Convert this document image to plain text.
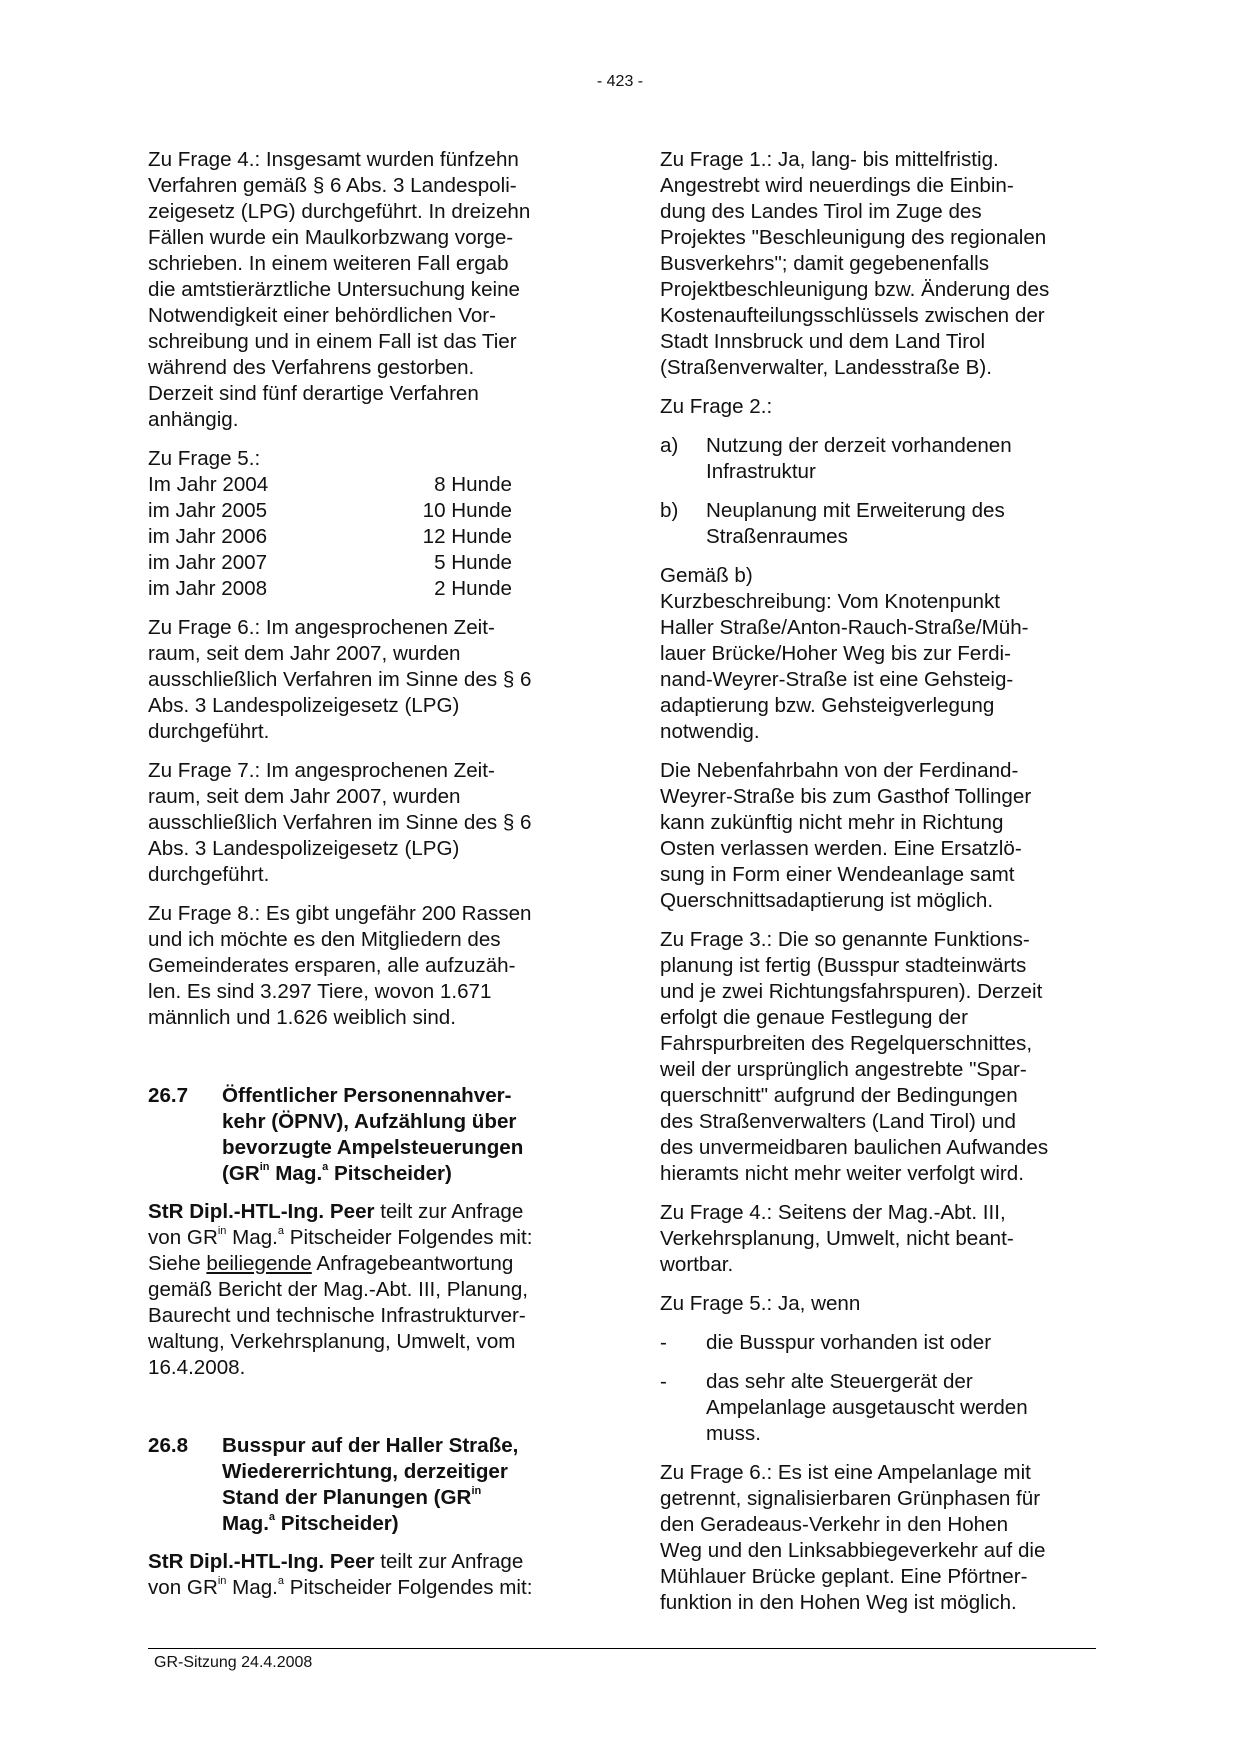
- 423 -

Zu Frage 4.: Insgesamt wurden fünfzehn
Verfahren gemäß § 6 Abs. 3 Landespoli-
zeigesetz (LPG) durchgeführt. In dreizehn
Fällen wurde ein Maulkorbzwang vorge-
schrieben. In einem weiteren Fall ergab
die amtstierärztliche Untersuchung keine
Notwendigkeit einer behördlichen Vor-
schreibung und in einem Fall ist das Tier
während des Verfahrens gestorben.
Derzeit sind fünf derartige Verfahren
anhängig.

Zu Frage 5.:
Im Jahr 2004	8 Hunde
im Jahr 2005	10 Hunde
im Jahr 2006	12 Hunde
im Jahr 2007	5 Hunde
im Jahr 2008	2 Hunde

Zu Frage 6.: Im angesprochenen Zeit-
raum, seit dem Jahr 2007, wurden
ausschließlich Verfahren im Sinne des § 6
Abs. 3 Landespolizeigesetz (LPG)
durchgeführt.

Zu Frage 7.: Im angesprochenen Zeit-
raum, seit dem Jahr 2007, wurden
ausschließlich Verfahren im Sinne des § 6
Abs. 3 Landespolizeigesetz (LPG)
durchgeführt.

Zu Frage 8.: Es gibt ungefähr 200 Rassen
und ich möchte es den Mitgliedern des
Gemeinderates ersparen, alle aufzuzäh-
len. Es sind 3.297 Tiere, wovon 1.671
männlich und 1.626 weiblich sind.

26.7	Öffentlicher Personennahver-
kehr (ÖPNV), Aufzählung über
bevorzugte Ampelsteuerungen
($GR^{in}$ Mag.$^a$ Pitscheider)

StR Dipl.-HTL-Ing. Peer teilt zur Anfrage
von $GR^{in}$ Mag.$^a$ Pitscheider Folgendes mit:
Siehe beiliegende Anfragebeantwortung
gemäß Bericht der Mag.-Abt. III, Planung,
Baurecht und technische Infrastrukturver-
waltung, Verkehrsplanung, Umwelt, vom
16.4.2008.

26.8	Busspur auf der Haller Straße,
Wiedererrichtung, derzeitiger
Stand der Planungen ($GR^{in}$
Mag.$^a$ Pitscheider)

StR Dipl.-HTL-Ing. Peer teilt zur Anfrage
von $GR^{in}$ Mag.$^a$ Pitscheider Folgendes mit:

Zu Frage 1.: Ja, lang- bis mittelfristig.
Angestrebt wird neuerdings die Einbin-
dung des Landes Tirol im Zuge des
Projektes "Beschleunigung des regionalen
Busverkehrs"; damit gegebenenfalls
Projektbeschleunigung bzw. Änderung des
Kostenaufteilungsschlüssels zwischen der
Stadt Innsbruck und dem Land Tirol
(Straßenverwalter, Landesstraße B).

Zu Frage 2.:

a)	Nutzung der derzeit vorhandenen
Infrastruktur
b)	Neuplanung mit Erweiterung des
Straßenraumes

Gemäß b)
Kurzbeschreibung: Vom Knotenpunkt
Haller Straße/Anton-Rauch-Straße/Müh-
lauer Brücke/Hoher Weg bis zur Ferdi-
nand-Weyrer-Straße ist eine Gehsteig-
adaptierung bzw. Gehsteigverlegung
notwendig.

Die Nebenfahrbahn von der Ferdinand-
Weyrer-Straße bis zum Gasthof Tollinger
kann zukünftig nicht mehr in Richtung
Osten verlassen werden. Eine Ersatzlö-
sung in Form einer Wendeanlage samt
Querschnittsadaptierung ist möglich.

Zu Frage 3.: Die so genannte Funktions-
planung ist fertig (Busspur stadteinwärts
und je zwei Richtungsfahrspuren). Derzeit
erfolgt die genaue Festlegung der
Fahrspurbreiten des Regelquerschnittes,
weil der ursprünglich angestrebte "Spar-
querschnitt" aufgrund der Bedingungen
des Straßenverwalters (Land Tirol) und
des unvermeidbaren baulichen Aufwandes
hieramts nicht mehr weiter verfolgt wird.

Zu Frage 4.: Seitens der Mag.-Abt. III,
Verkehrsplanung, Umwelt, nicht beant-
wortbar.

Zu Frage 5.: Ja, wenn

-	die Busspur vorhanden ist oder
-	das sehr alte Steuergerät der
Ampelanlage ausgetauscht werden
muss.

Zu Frage 6.: Es ist eine Ampelanlage mit
getrennt, signalisierbaren Grünphasen für
den Geradeaus-Verkehr in den Hohen
Weg und den Linksabbiegeverkehr auf die
Mühlauer Brücke geplant. Eine Pförtner-
funktion in den Hohen Weg ist möglich.

GR-Sitzung 24.4.2008
